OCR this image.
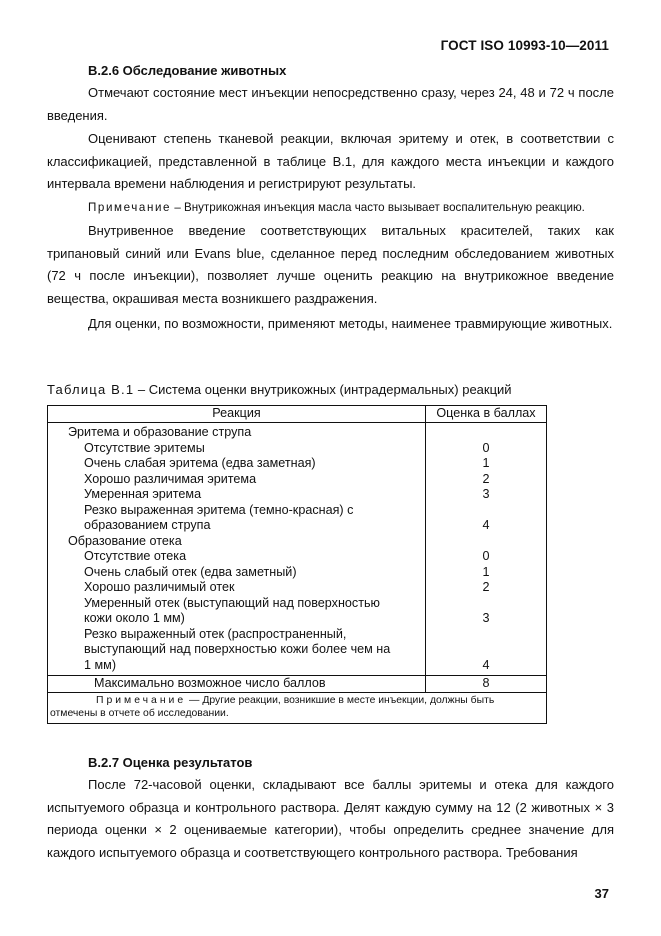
ГОСТ ISO 10993-10—2011
B.2.6 Обследование животных
Отмечают состояние мест инъекции непосредственно сразу, через 24, 48 и 72 ч после введения.
Оценивают степень тканевой реакции, включая эритему и отек, в соответствии с классификацией, представленной в таблице B.1, для каждого места инъекции и каждого интервала времени наблюдения и регистрируют результаты.
Примечание – Внутрикожная инъекция масла часто вызывает воспалительную реакцию.
Внутривенное введение соответствующих витальных красителей, таких как трипановый синий или Evans blue, сделанное перед последним обследованием животных (72 ч после инъекции), позволяет лучше оценить реакцию на внутрикожное введение вещества, окрашивая места возникшего раздражения.
Для оценки, по возможности, применяют методы, наименее травмирующие животных.
Таблица B.1 – Система оценки внутрикожных (интрадермальных) реакций
Реакция	Оценка в баллах
Эритема и образование струпа	
Отсутствие эритемы	0
Очень слабая эритема (едва заметная)	1
Хорошо различимая эритема	2
Умеренная эритема	3
Резко выраженная эритема (темно-красная) с	
образованием струпа	4
Образование отека	
Отсутствие отека	0
Очень слабый отек (едва заметный)	1
Хорошо различимый отек	2
Умеренный отек (выступающий над поверхностью	
кожи около 1 мм)	3
Резко выраженный отек (распространенный,	
выступающий над поверхностью кожи более чем на	
1 мм)	4
Максимально возможное число баллов	8
Примечание — Другие реакции, возникшие в месте инъекции, должны быть отмечены в отчете об исследовании.	
B.2.7 Оценка результатов
После 72-часовой оценки, складывают все баллы эритемы и отека для каждого испытуемого образца и контрольного раствора. Делят каждую сумму на 12 (2 животных × 3 периода оценки × 2 оцениваемые категории), чтобы определить среднее значение для каждого испытуемого образца и соответствующего контрольного раствора. Требования
37
